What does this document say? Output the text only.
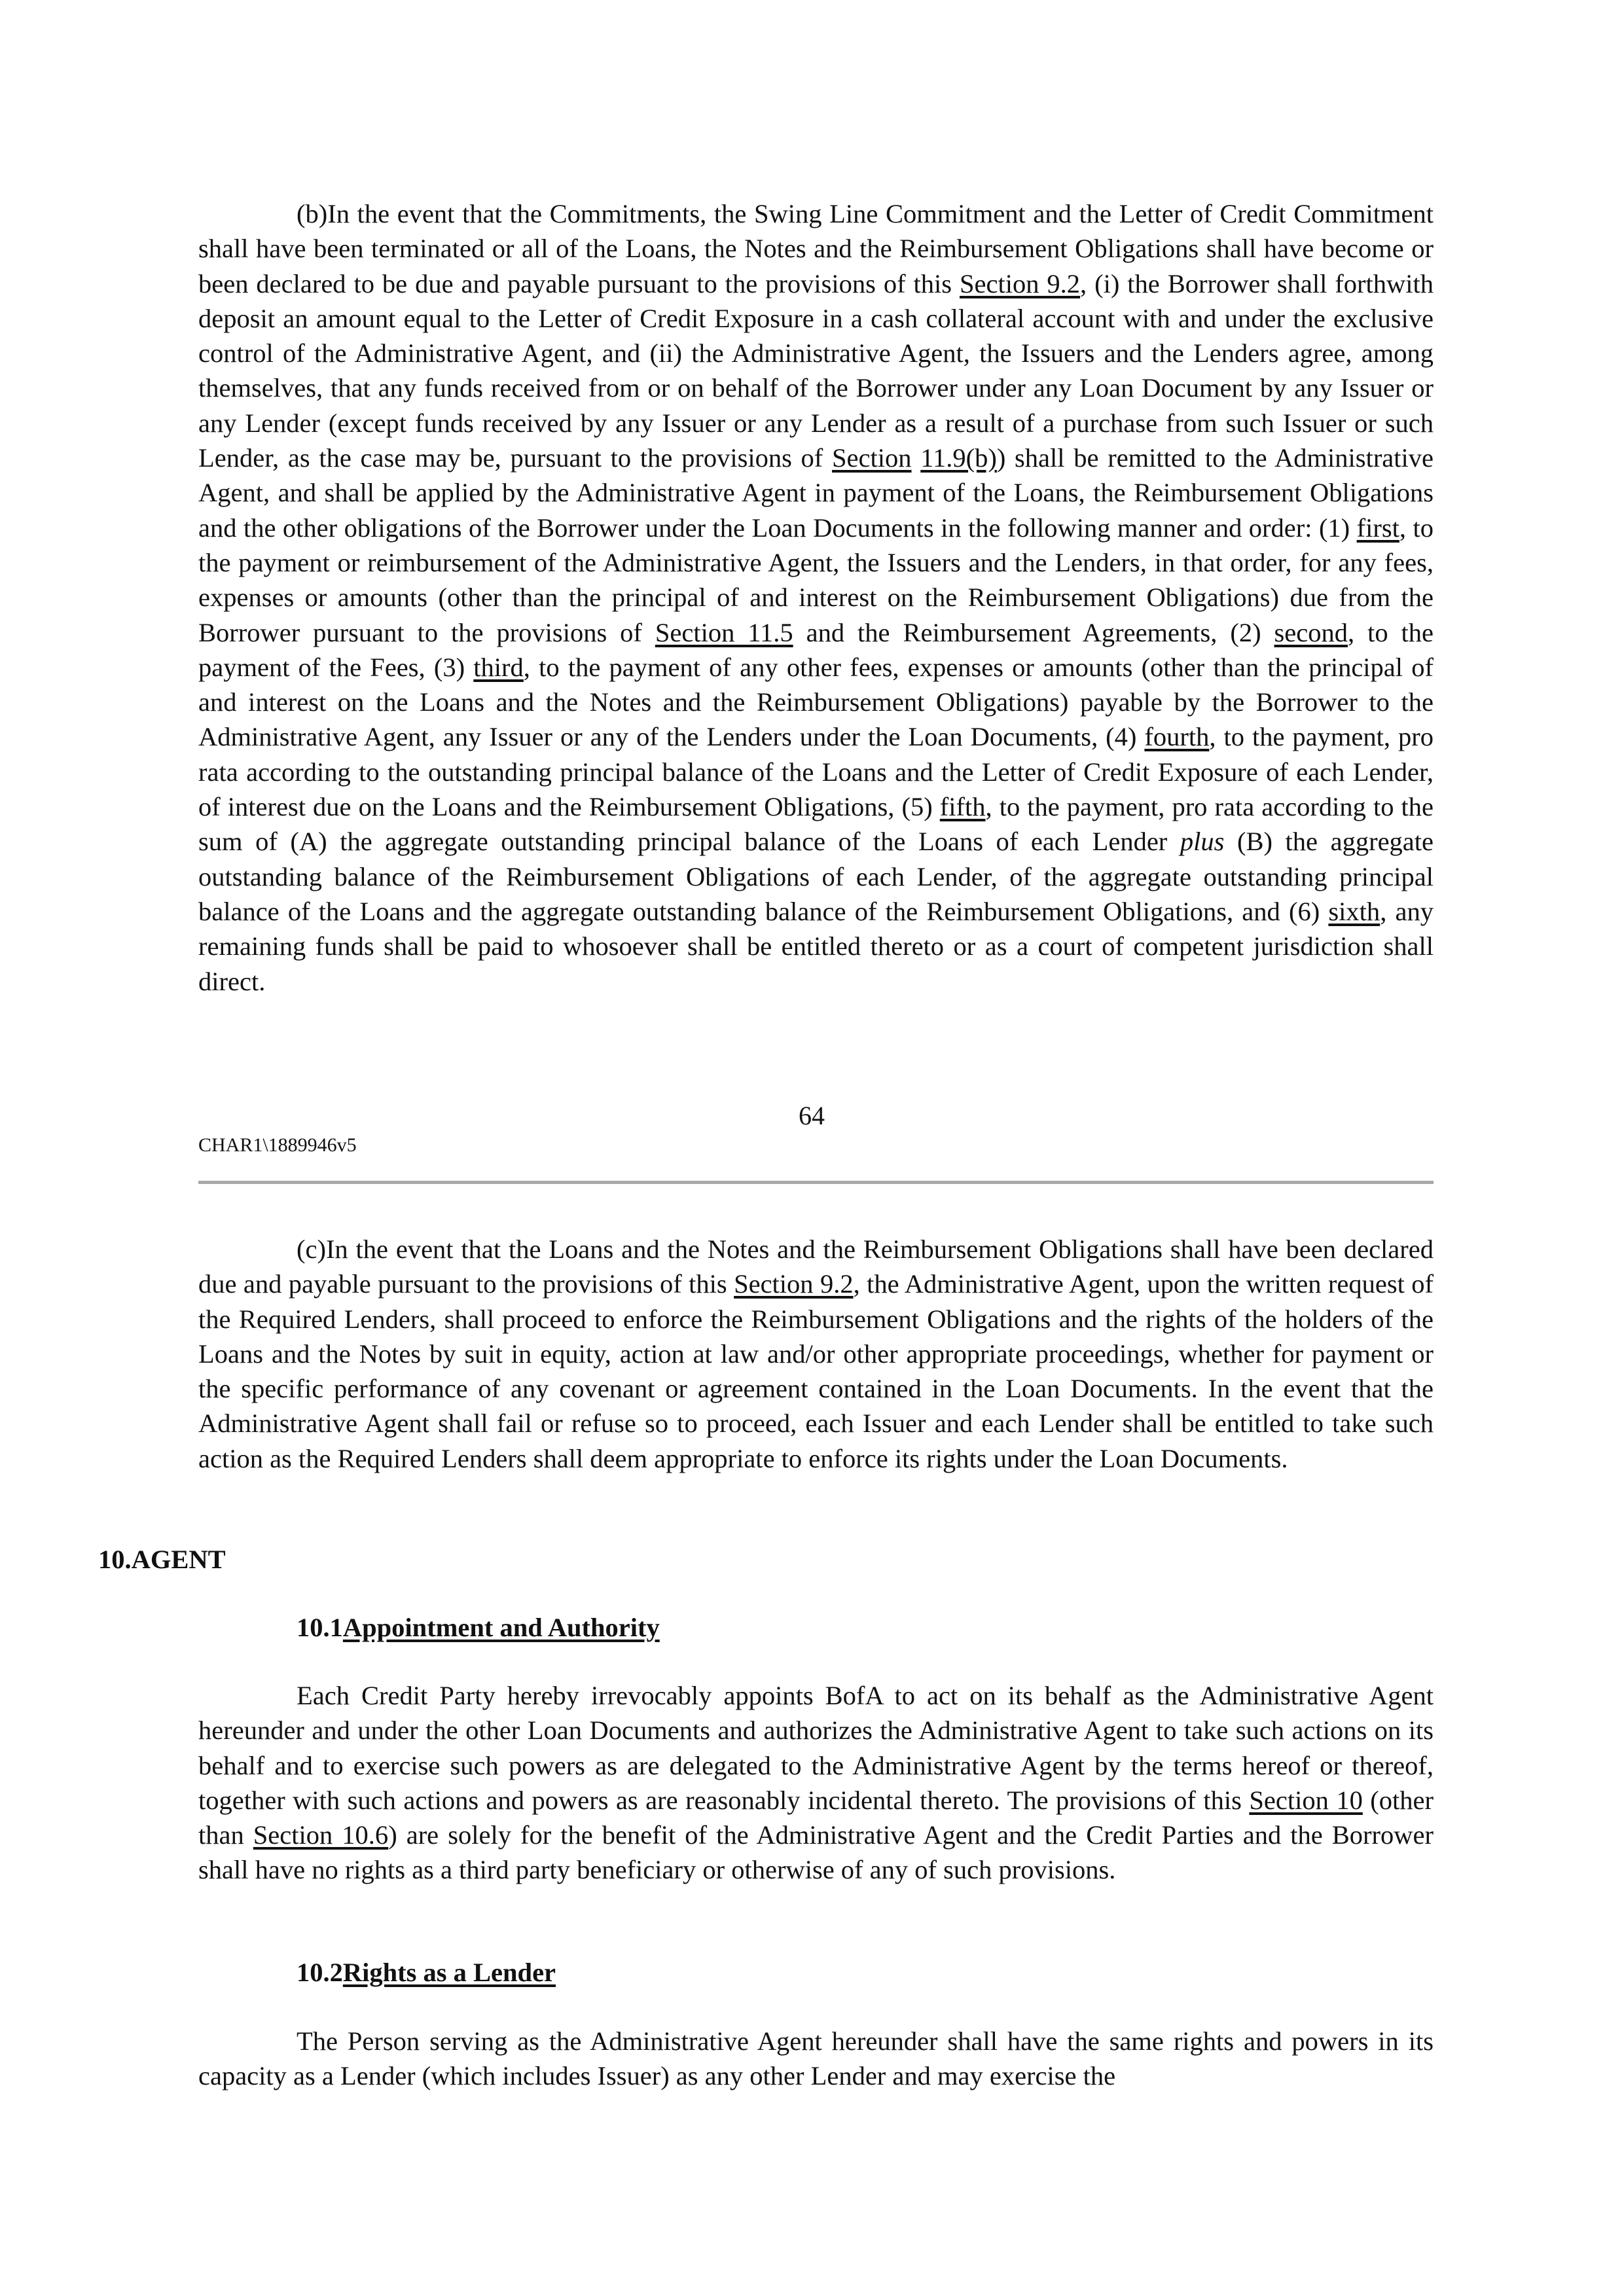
(b)In the event that the Commitments, the Swing Line Commitment and the Letter of Credit Commitment shall have been terminated or all of the Loans, the Notes and the Reimbursement Obligations shall have become or been declared to be due and payable pursuant to the provisions of this Section 9.2, (i) the Borrower shall forthwith deposit an amount equal to the Letter of Credit Exposure in a cash collateral account with and under the exclusive control of the Administrative Agent, and (ii) the Administrative Agent, the Issuers and the Lenders agree, among themselves, that any funds received from or on behalf of the Borrower under any Loan Document by any Issuer or any Lender (except funds received by any Issuer or any Lender as a result of a purchase from such Issuer or such Lender, as the case may be, pursuant to the provisions of Section 11.9(b)) shall be remitted to the Administrative Agent, and shall be applied by the Administrative Agent in payment of the Loans, the Reimbursement Obligations and the other obligations of the Borrower under the Loan Documents in the following manner and order: (1) first, to the payment or reimbursement of the Administrative Agent, the Issuers and the Lenders, in that order, for any fees, expenses or amounts (other than the principal of and interest on the Reimbursement Obligations) due from the Borrower pursuant to the provisions of Section 11.5 and the Reimbursement Agreements, (2) second, to the payment of the Fees, (3) third, to the payment of any other fees, expenses or amounts (other than the principal of and interest on the Loans and the Notes and the Reimbursement Obligations) payable by the Borrower to the Administrative Agent, any Issuer or any of the Lenders under the Loan Documents, (4) fourth, to the payment, pro rata according to the outstanding principal balance of the Loans and the Letter of Credit Exposure of each Lender, of interest due on the Loans and the Reimbursement Obligations, (5) fifth, to the payment, pro rata according to the sum of (A) the aggregate outstanding principal balance of the Loans of each Lender plus (B) the aggregate outstanding balance of the Reimbursement Obligations of each Lender, of the aggregate outstanding principal balance of the Loans and the aggregate outstanding balance of the Reimbursement Obligations, and (6) sixth, any remaining funds shall be paid to whosoever shall be entitled thereto or as a court of competent jurisdiction shall direct.

64
CHAR1\1889946v5

(c)In the event that the Loans and the Notes and the Reimbursement Obligations shall have been declared due and payable pursuant to the provisions of this Section 9.2, the Administrative Agent, upon the written request of the Required Lenders, shall proceed to enforce the Reimbursement Obligations and the rights of the holders of the Loans and the Notes by suit in equity, action at law and/or other appropriate proceedings, whether for payment or the specific performance of any covenant or agreement contained in the Loan Documents. In the event that the Administrative Agent shall fail or refuse so to proceed, each Issuer and each Lender shall be entitled to take such action as the Required Lenders shall deem appropriate to enforce its rights under the Loan Documents.

10.AGENT
10.1Appointment and Authority

Each Credit Party hereby irrevocably appoints BofA to act on its behalf as the Administrative Agent hereunder and under the other Loan Documents and authorizes the Administrative Agent to take such actions on its behalf and to exercise such powers as are delegated to the Administrative Agent by the terms hereof or thereof, together with such actions and powers as are reasonably incidental thereto. The provisions of this Section 10 (other than Section 10.6) are solely for the benefit of the Administrative Agent and the Credit Parties and the Borrower shall have no rights as a third party beneficiary or otherwise of any of such provisions.

10.2Rights as a Lender

The Person serving as the Administrative Agent hereunder shall have the same rights and powers in its capacity as a Lender (which includes Issuer) as any other Lender and may exercise the
